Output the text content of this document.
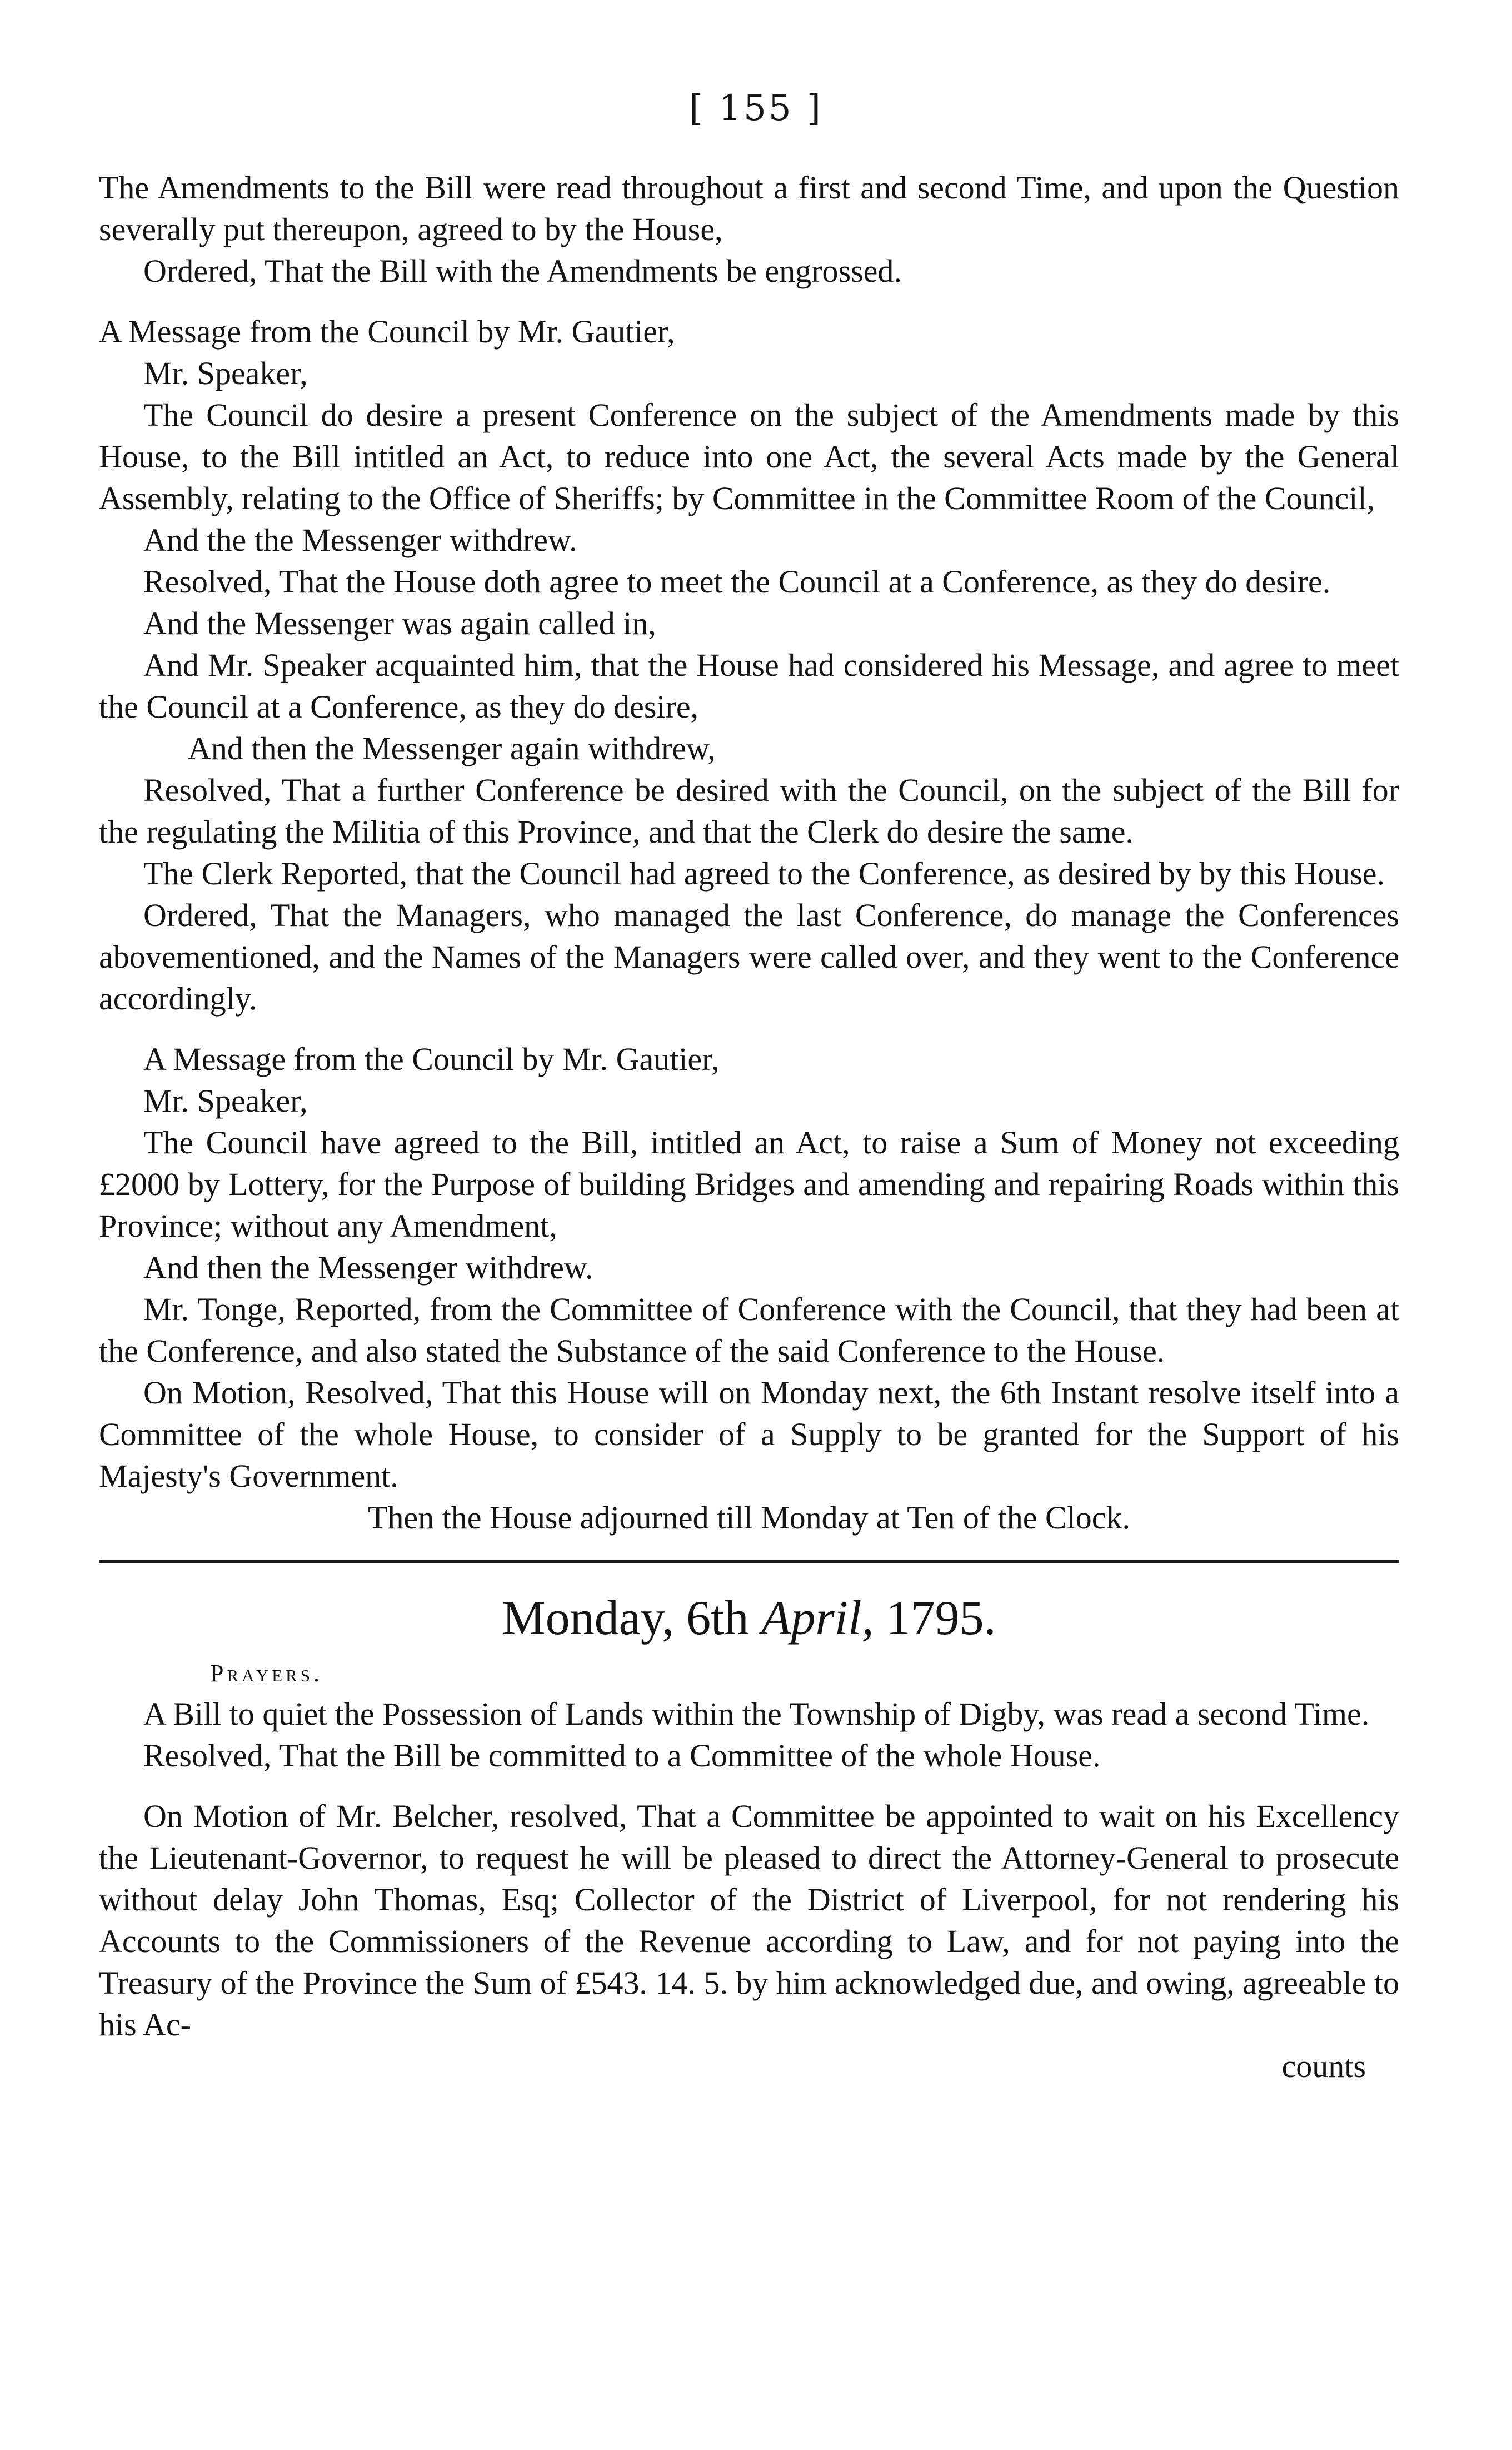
[ 155 ]

The Amendments to the Bill were read throughout a first and second Time, and upon the Question severally put thereupon, agreed to by the House,

Ordered, That the Bill with the Amendments be engrossed.

A Message from the Council by Mr. Gautier,

Mr. Speaker,

The Council do desire a present Conference on the subject of the Amendments made by this House, to the Bill intitled an Act, to reduce into one Act, the several Acts made by the General Assembly, relating to the Office of Sheriffs; by Committee in the Committee Room of the Council,

And the the Messenger withdrew.

Resolved, That the House doth agree to meet the Council at a Conference, as they do desire.

And the Messenger was again called in,

And Mr. Speaker acquainted him, that the House had considered his Message, and agree to meet the Council at a Conference, as they do desire,

And then the Messenger again withdrew,

Resolved, That a further Conference be desired with the Council, on the subject of the Bill for the regulating the Militia of this Province, and that the Clerk do desire the same.

The Clerk Reported, that the Council had agreed to the Conference, as desired by by this House.

Ordered, That the Managers, who managed the last Conference, do manage the Conferences abovementioned, and the Names of the Managers were called over, and they went to the Conference accordingly.

A Message from the Council by Mr. Gautier,

Mr. Speaker,

The Council have agreed to the Bill, intitled an Act, to raise a Sum of Money not exceeding £2000 by Lottery, for the Purpose of building Bridges and amending and repairing Roads within this Province; without any Amendment,

And then the Messenger withdrew.

Mr. Tonge, Reported, from the Committee of Conference with the Council, that they had been at the Conference, and also stated the Substance of the said Conference to the House.

On Motion, Resolved, That this House will on Monday next, the 6th Instant resolve itself into a Committee of the whole House, to consider of a Supply to be granted for the Support of his Majesty's Government.

Then the House adjourned till Monday at Ten of the Clock.

Monday, 6th April, 1795.

Prayers.

A Bill to quiet the Possession of Lands within the Township of Digby, was read a second Time.

Resolved, That the Bill be committed to a Committee of the whole House.

On Motion of Mr. Belcher, resolved, That a Committee be appointed to wait on his Excellency the Lieutenant-Governor, to request he will be pleased to direct the Attorney-General to prosecute without delay John Thomas, Esq; Collector of the District of Liverpool, for not rendering his Accounts to the Commissioners of the Revenue according to Law, and for not paying into the Treasury of the Province the Sum of £543. 14. 5. by him acknowledged due, and owing, agreeable to his Ac-

counts
